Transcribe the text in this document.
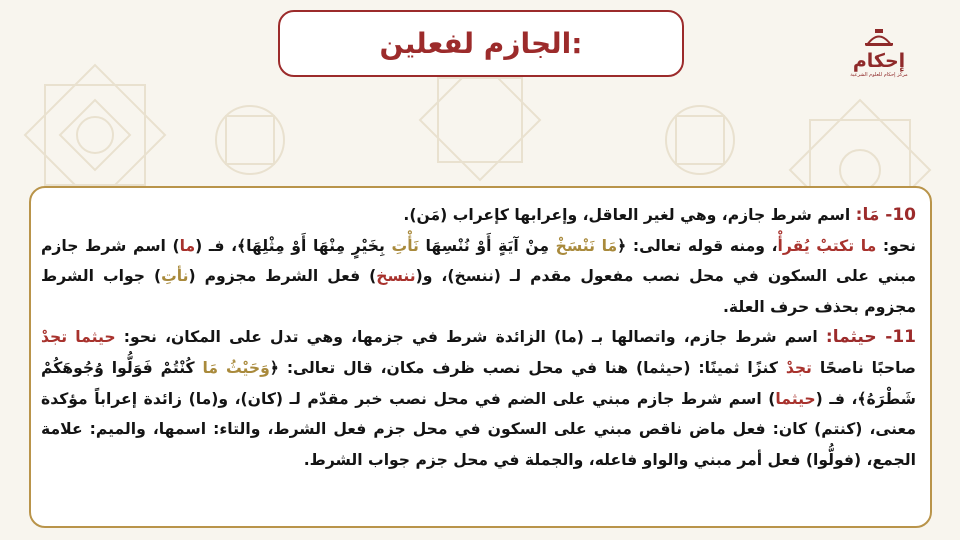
الجازم لفعلين:
إحكام
مركز إحكام للعلوم الشرعية
10- مَا: اسم شرط جازم، وهي لغير العاقل، وإعرابها كإعراب (مَن).
نحو: ما تكتبْ يُقرأْ، ومنه قوله تعالى: ﴿مَا نَنْسَخْ مِنْ آيَةٍ أَوْ نُنْسِهَا نَأْتِ بِخَيْرٍ مِنْهَا أَوْ مِثْلِهَا﴾، فـ (ما) اسم شرط جازم مبني على السكون في محل نصب مفعول مقدم لـ (ننسخ)، و(ننسخ) فعل الشرط مجزوم (نأتِ) جواب الشرط مجزوم بحذف حرف العلة.
11- حيثما: اسم شرط جازم، واتصالها بـ (ما) الزائدة شرط في جزمها، وهي تدل على المكان، نحو: حيثما تجدْ صاحبًا ناصحًا تجدْ كنزًا ثمينًا: (حيثما) هنا في محل نصب ظرف مكان، قال تعالى: ﴿وَحَيْثُ مَا كُنْتُمْ فَوَلُّوا وُجُوهَكُمْ شَطْرَهُ﴾، فـ (حيثما) اسم شرط جازم مبني على الضم في محل نصب خبر مقدّم لـ (كان)، و(ما) زائدة إعراباً مؤكدة معنى، (كنتم) كان: فعل ماض ناقص مبني على السكون في محل جزم فعل الشرط، والتاء: اسمها، والميم: علامة الجمع، (فولُّوا) فعل أمر مبني والواو فاعله، والجملة في محل جزم جواب الشرط.
